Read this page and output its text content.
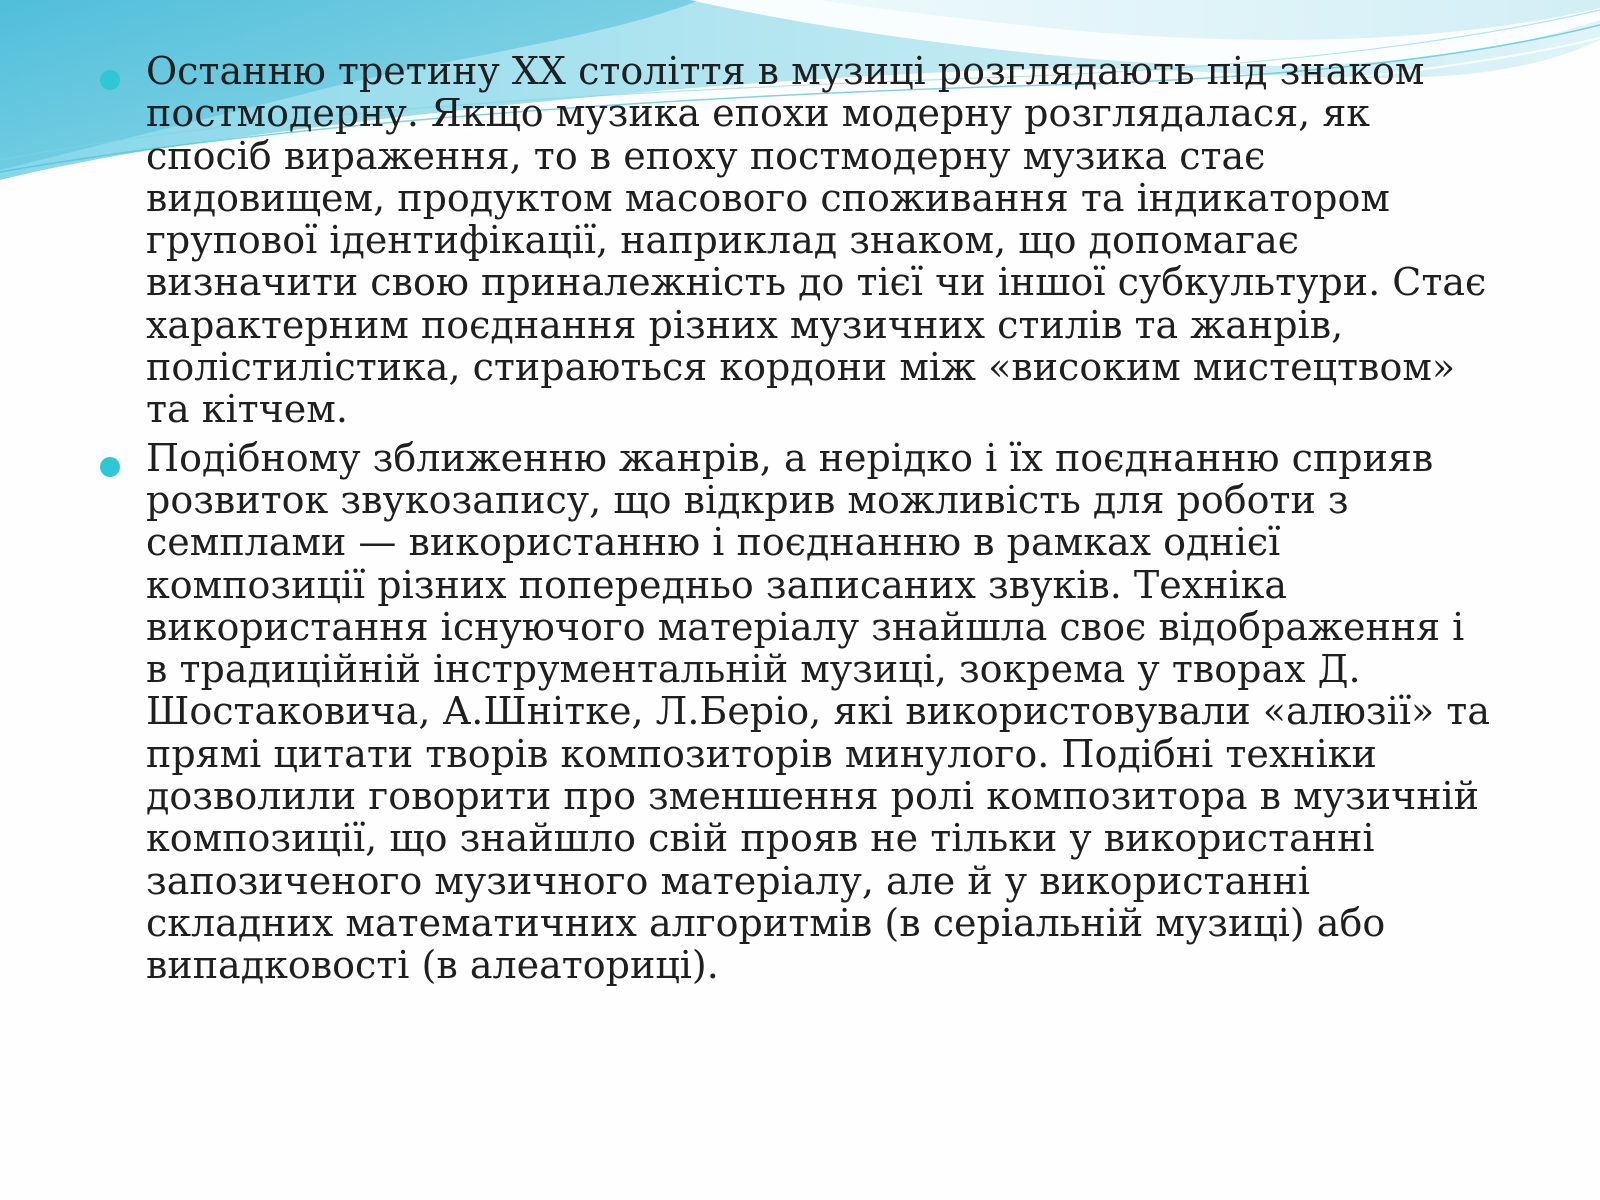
Останню третину ХХ століття в музиці розглядають під знаком постмодерну. Якщо музика епохи модерну розглядалася, як спосіб вираження, то в епоху постмодерну музика стає видовищем, продуктом масового споживання та індикатором групової ідентифікації, наприклад знаком, що допомагає визначити свою приналежність до тієї чи іншої субкультури. Стає характерним поєднання різних музичних стилів та жанрів, полістилістика, стираються кордони між «високим мистецтвом» та кітчем.
Подібному зближенню жанрів, а нерідко і їх поєднанню сприяв розвиток звукозапису, що відкрив можливість для роботи з семплами — використанню і поєднанню в рамках однієї композиції різних попередньо записаних звуків. Техніка використання існуючого матеріалу знайшла своє відображення і в традиційній інструментальній музиці, зокрема у творах Д. Шостаковича, А.Шнітке, Л.Беріо, які використовували «алюзії» та прямі цитати творів композиторів минулого. Подібні техніки дозволили говорити про зменшення ролі композитора в музичній композиції, що знайшло свій прояв не тільки у використанні запозиченого музичного матеріалу, але й у використанні складних математичних алгоритмів (в серіальній музиці) або випадковості (в алеаториці).
